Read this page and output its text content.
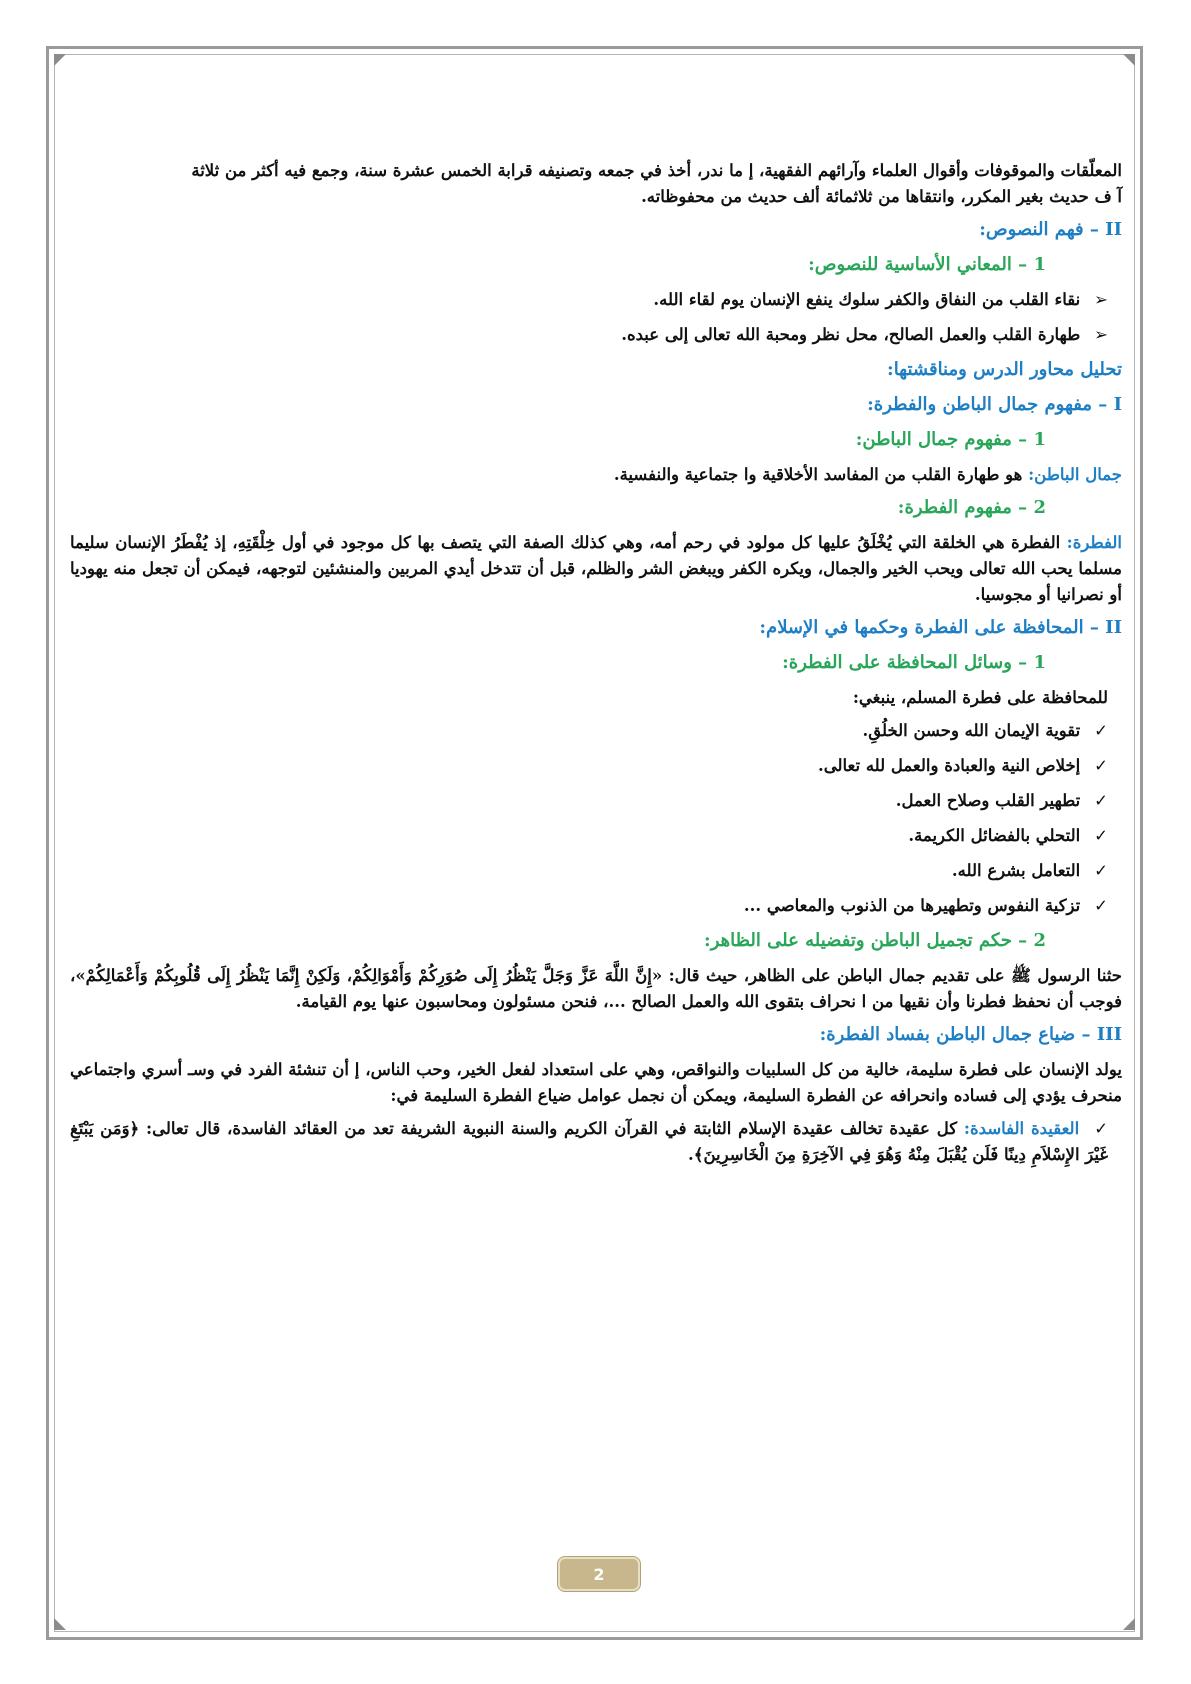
المعلّقات والموقوفات وأقوال العلماء وآرائهم الفقهية، إ ما ندر، أخذ في جمعه وتصنيفه قرابة الخمس عشرة سنة، وجمع فيه أكثر من ثلاثة
آ ف حديث بغير المكرر، وانتقاها من ثلاثمائة ألف حديث من محفوظاته.

II – فهم النصوص:
1 – المعاني الأساسية للنصوص:
➢ نقاء القلب من النفاق والكفر سلوك ينفع الإنسان يوم لقاء الله.
➢ طهارة القلب والعمل الصالح، محل نظر ومحبة الله تعالى إلى عبده.
تحليل محاور الدرس ومناقشتها:
I – مفهوم جمال الباطن والفطرة:
1 – مفهوم جمال الباطن:

جمال الباطن: هو طهارة القلب من المفاسد الأخلاقية وا جتماعية والنفسية.

2 – مفهوم الفطرة:

الفطرة: الفطرة هي الخلقة التي يُخْلَقُ عليها كل مولود في رحم أمه، وهي كذلك الصفة التي يتصف بها كل موجود في أول خِلْقَتِهِ، إذ يُفْطَرُ الإنسان سليما مسلما يحب الله تعالى ويحب الخير والجمال، ويكره الكفر ويبغض الشر والظلم، قبل أن تتدخل أيدي المربين والمنشئين لتوجهه، فيمكن أن تجعل منه يهوديا أو نصرانيا أو مجوسيا.

II – المحافظة على الفطرة وحكمها في الإسلام:
1 – وسائل المحافظة على الفطرة:

للمحافظة على فطرة المسلم، ينبغي:

✓ تقوية الإيمان الله وحسن الخلُقِ.
✓ إخلاص النية والعبادة والعمل لله تعالى.
✓ تطهير القلب وصلاح العمل.
✓ التحلي بالفضائل الكريمة.
✓ التعامل بشرع الله.
✓ تزكية النفوس وتطهيرها من الذنوب والمعاصي ...
2 – حكم تجميل الباطن وتفضيله على الظاهر:

حثنا الرسول ﷺ على تقديم جمال الباطن على الظاهر، حيث قال: «إِنَّ اللَّهَ عَزَّ وَجَلَّ يَنْظُرُ إِلَى صُوَرِكُمْ وَأَمْوَالِكُمْ، وَلَكِنْ إِنَّمَا يَنْظُرُ إِلَى قُلُوبِكُمْ وَأَعْمَالِكُمْ»، فوجب أن نحفظ فطرنا وأن نقيها من ا نحراف بتقوى الله والعمل الصالح ...، فنحن مسئولون ومحاسبون عنها يوم القيامة.

III – ضياع جمال الباطن بفساد الفطرة:

يولد الإنسان على فطرة سليمة، خالية من كل السلبيات والنواقص، وهي على استعداد لفعل الخير، وحب الناس، إ أن تنشئة الفرد في وسـ أسري واجتماعي منحرف يؤدي إلى فساده وانحرافه عن الفطرة السليمة، ويمكن أن نجمل عوامل ضياع الفطرة السليمة في:

✓ العقيدة الفاسدة: كل عقيدة تخالف عقيدة الإسلام الثابتة في القرآن الكريم والسنة النبوية الشريفة تعد من العقائد الفاسدة، قال تعالى: ﴿وَمَن يَبْتَغِ غَيْرَ الإِسْلاَمِ دِينًا فَلَن يُقْبَلَ مِنْهُ وَهُوَ فِي الآخِرَةِ مِنَ الْخَاسِرِينَ﴾.
2
